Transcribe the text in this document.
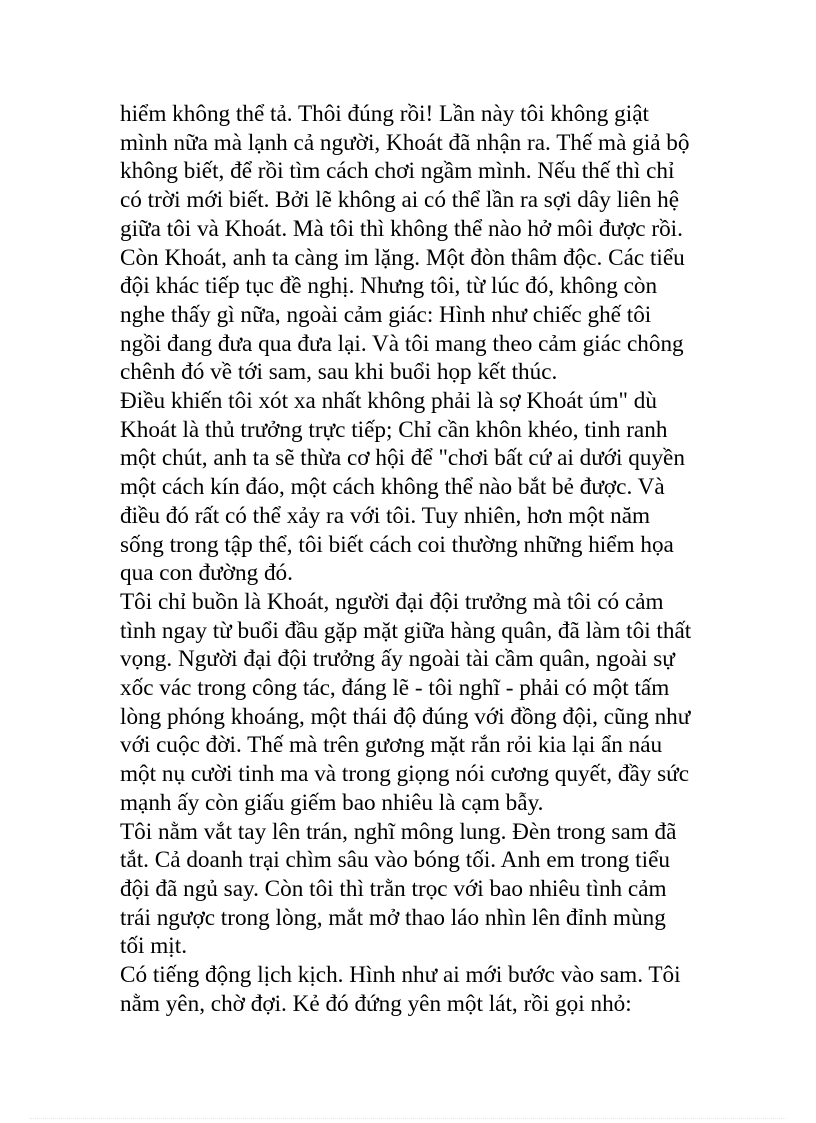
hiểm không thể tả. Thôi đúng rồi! Lần này tôi không giật
mình nữa mà lạnh cả người, Khoát đã nhận ra. Thế mà giả bộ
không biết, để rồi tìm cách chơi ngầm mình. Nếu thế thì chỉ
có trời mới biết. Bởi lẽ không ai có thể lần ra sợi dây liên hệ
giữa tôi và Khoát. Mà tôi thì không thể nào hở môi được rồi.
Còn Khoát, anh ta càng im lặng. Một đòn thâm độc. Các tiểu
đội khác tiếp tục đề nghị. Nhưng tôi, từ lúc đó, không còn
nghe thấy gì nữa, ngoài cảm giác: Hình như chiếc ghế tôi
ngồi đang đưa qua đưa lại. Và tôi mang theo cảm giác chông
chênh đó về tới sam, sau khi buổi họp kết thúc.
Điều khiến tôi xót xa nhất không phải là sợ Khoát úm" dù
Khoát là thủ trưởng trực tiếp; Chỉ cần khôn khéo, tinh ranh
một chút, anh ta sẽ thừa cơ hội để "chơi bất cứ ai dưới quyền
một cách kín đáo, một cách không thể nào bắt bẻ được. Và
điều đó rất có thể xảy ra với tôi. Tuy nhiên, hơn một năm
sống trong tập thể, tôi biết cách coi thường những hiểm họa
qua con đường đó.
Tôi chỉ buồn là Khoát, người đại đội trưởng mà tôi có cảm
tình ngay từ buổi đầu gặp mặt giữa hàng quân, đã làm tôi thất
vọng. Người đại đội trưởng ấy ngoài tài cầm quân, ngoài sự
xốc vác trong công tác, đáng lẽ - tôi nghĩ - phải có một tấm
lòng phóng khoáng, một thái độ đúng với đồng đội, cũng như
với cuộc đời. Thế mà trên gương mặt rắn rỏi kia lại ẩn náu
một nụ cười tinh ma và trong giọng nói cương quyết, đầy sức
mạnh ấy còn giấu giếm bao nhiêu là cạm bẫy.
Tôi nằm vắt tay lên trán, nghĩ mông lung. Đèn trong sam đã
tắt. Cả doanh trại chìm sâu vào bóng tối. Anh em trong tiểu
đội đã ngủ say. Còn tôi thì trằn trọc với bao nhiêu tình cảm
trái ngược trong lòng, mắt mở thao láo nhìn lên đỉnh mùng
tối mịt.
Có tiếng động lịch kịch. Hình như ai mới bước vào sam. Tôi
nằm yên, chờ đợi. Kẻ đó đứng yên một lát, rồi gọi nhỏ:
